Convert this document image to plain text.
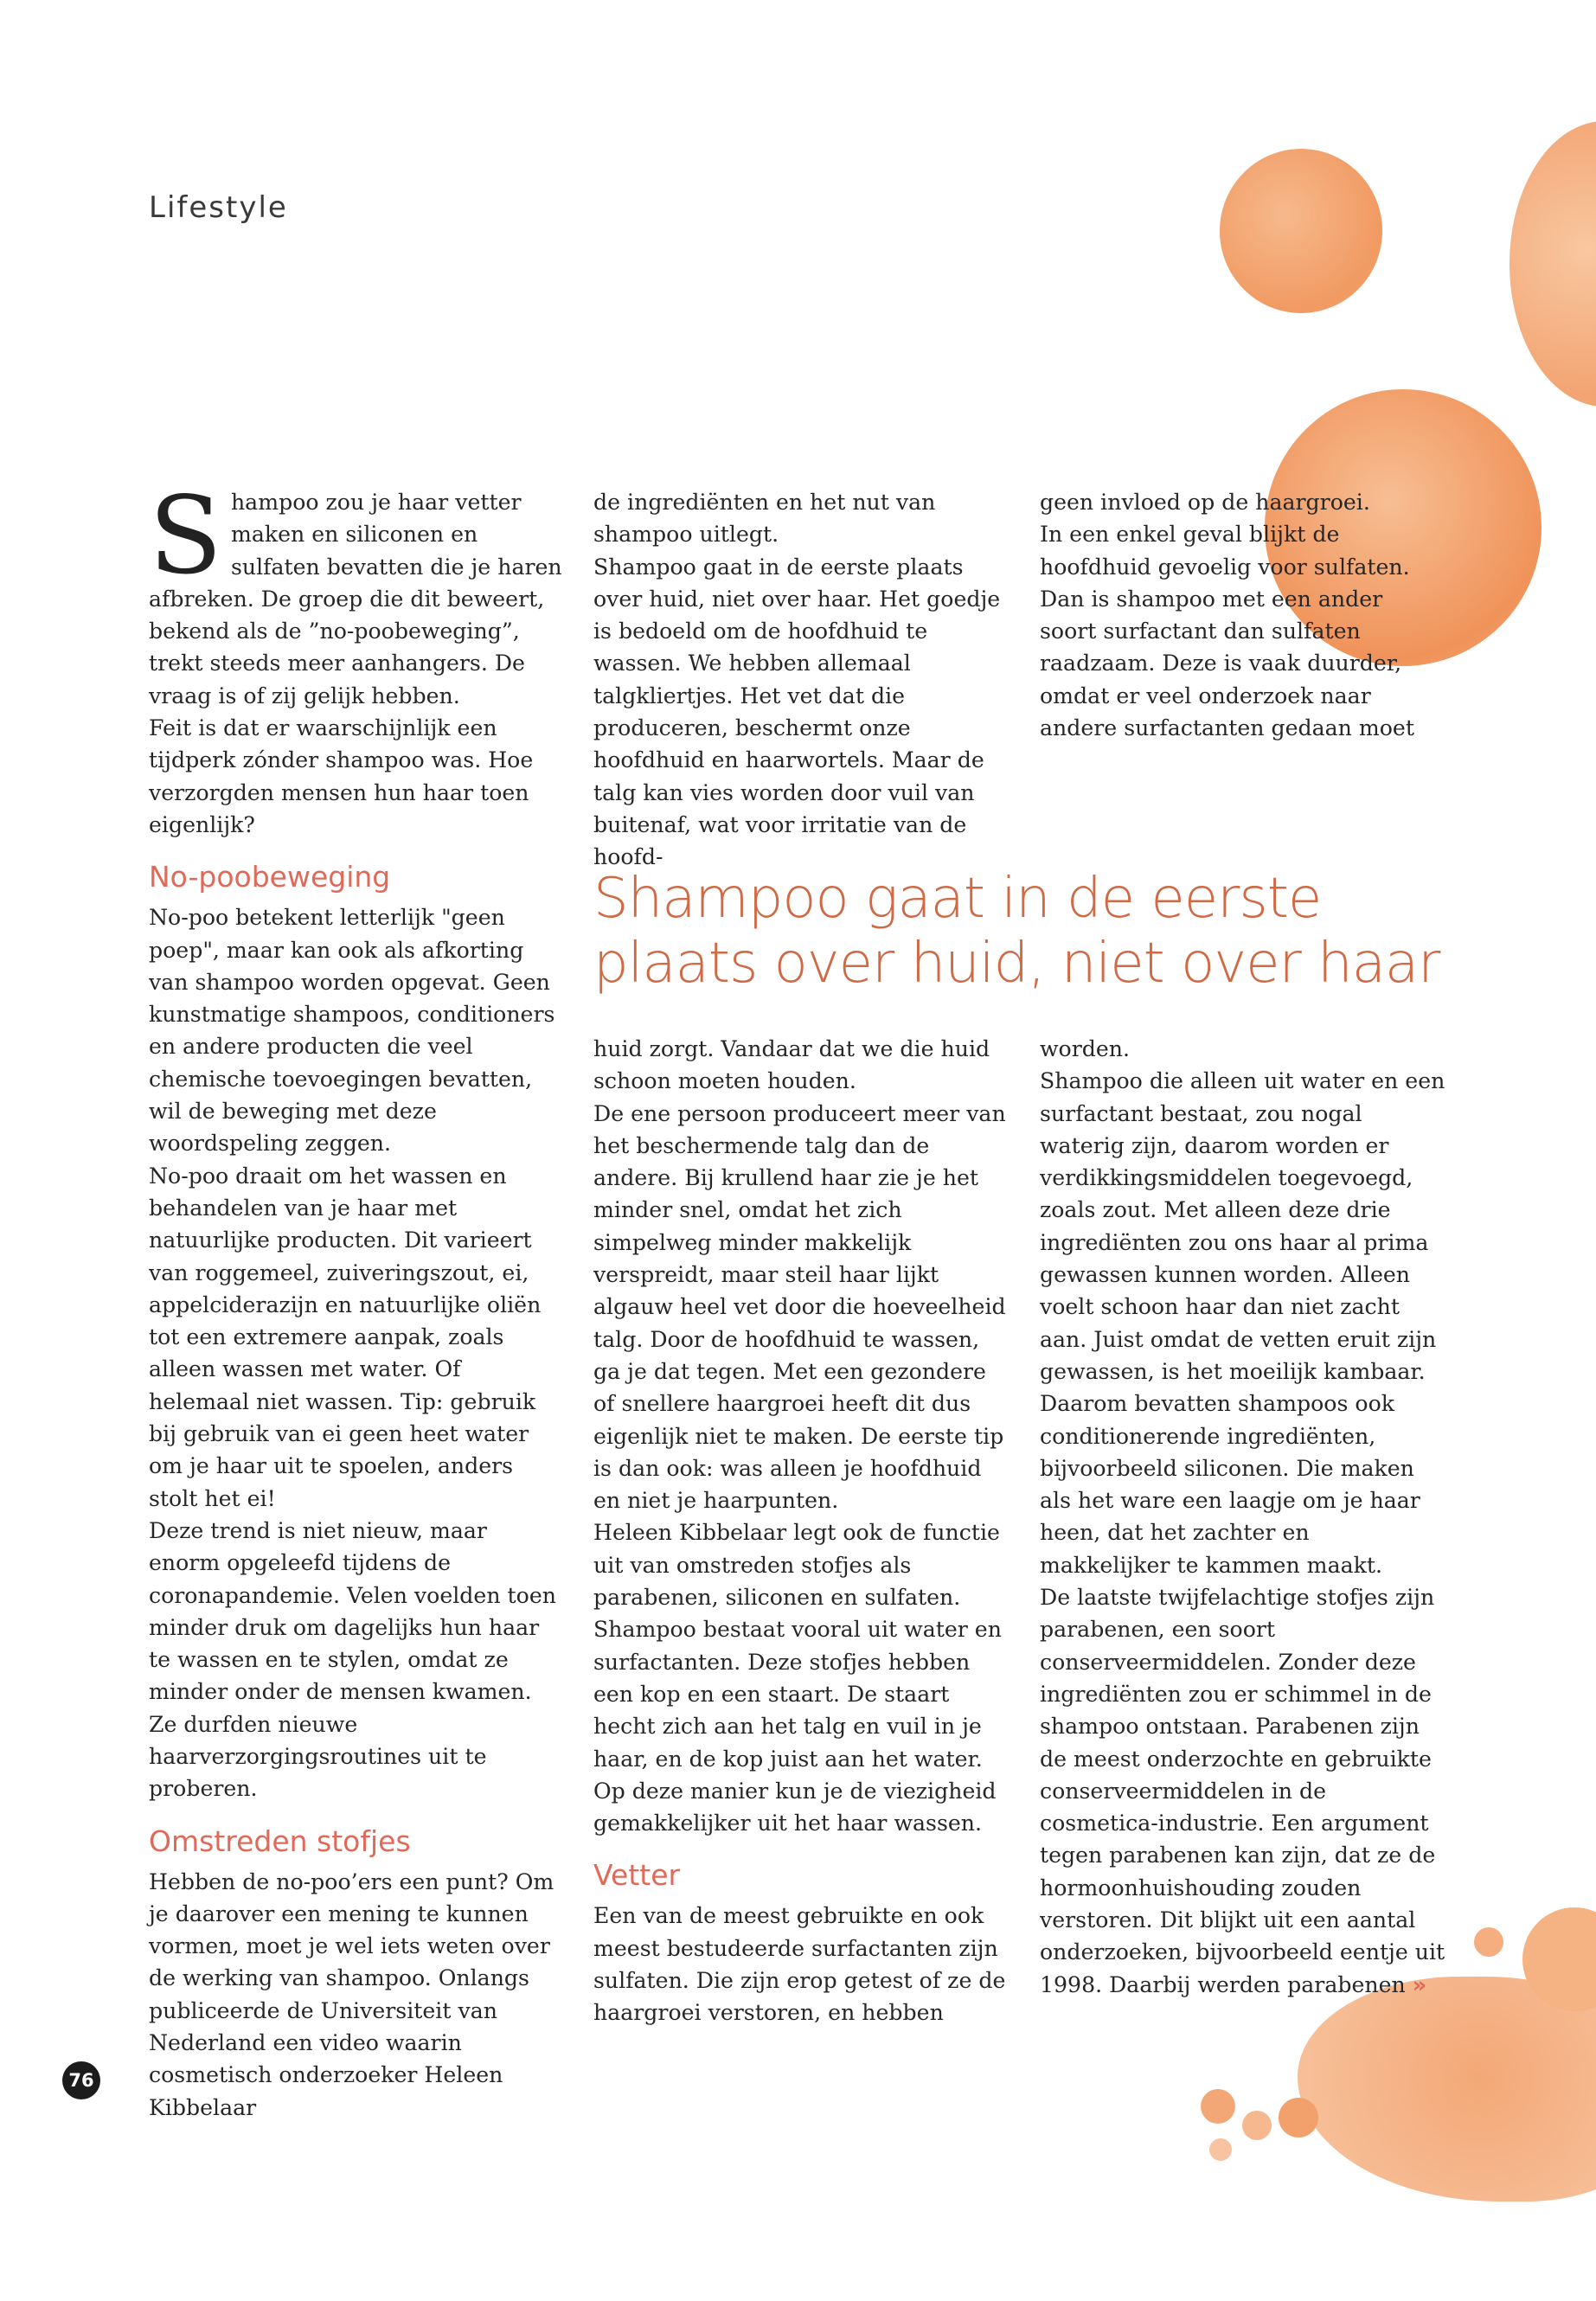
Lifestyle

Shampoo zou je haar vetter maken en siliconen en sulfaten bevatten die je haren afbreken. De groep die dit beweert, bekend als de ”no-poobeweging”, trekt steeds meer aanhangers. De vraag is of zij gelijk hebben.

Feit is dat er waarschijnlijk een tijdperk zónder shampoo was. Hoe verzorgden mensen hun haar toen eigenlijk?

No-poobeweging

No-poo betekent letterlijk "geen poep", maar kan ook als afkorting van shampoo worden opgevat. Geen kunstmatige shampoos, conditioners en andere producten die veel chemische toevoegingen bevatten, wil de beweging met deze woordspeling zeggen.

No-poo draait om het wassen en behandelen van je haar met natuurlijke producten. Dit varieert van roggemeel, zuiveringszout, ei, appelciderazijn en natuurlijke oliën tot een extremere aanpak, zoals alleen wassen met water. Of helemaal niet wassen. Tip: gebruik bij gebruik van ei geen heet water om je haar uit te spoelen, anders stolt het ei!

Deze trend is niet nieuw, maar enorm opgeleefd tijdens de coronapandemie. Velen voelden toen minder druk om dagelijks hun haar te wassen en te stylen, omdat ze minder onder de mensen kwamen. Ze durfden nieuwe haarverzorgingsroutines uit te proberen.

Omstreden stofjes

Hebben de no-poo’ers een punt? Om je daarover een mening te kunnen vormen, moet je wel iets weten over de werking van shampoo. Onlangs publiceerde de Universiteit van Nederland een video waarin cosmetisch onderzoeker Heleen Kibbelaar

de ingrediënten en het nut van shampoo uitlegt.

Shampoo gaat in de eerste plaats over huid, niet over haar. Het goedje is bedoeld om de hoofdhuid te wassen. We hebben allemaal talgkliertjes. Het vet dat die produceren, beschermt onze hoofdhuid en haarwortels. Maar de talg kan vies worden door vuil van buitenaf, wat voor irritatie van de hoofd-

geen invloed op de haargroei.

In een enkel geval blijkt de hoofdhuid gevoelig voor sulfaten. Dan is shampoo met een ander soort surfactant dan sulfaten raadzaam. Deze is vaak duurder, omdat er veel onderzoek naar andere surfactanten gedaan moet

Shampoo gaat in de eerste plaats over huid, niet over haar

huid zorgt. Vandaar dat we die huid schoon moeten houden.

De ene persoon produceert meer van het beschermende talg dan de andere. Bij krullend haar zie je het minder snel, omdat het zich simpelweg minder makkelijk verspreidt, maar steil haar lijkt algauw heel vet door die hoeveelheid talg. Door de hoofdhuid te wassen, ga je dat tegen. Met een gezondere of snellere haargroei heeft dit dus eigenlijk niet te maken. De eerste tip is dan ook: was alleen je hoofdhuid en niet je haarpunten.

Heleen Kibbelaar legt ook de functie uit van omstreden stofjes als parabenen, siliconen en sulfaten. Shampoo bestaat vooral uit water en surfactanten. Deze stofjes hebben een kop en een staart. De staart hecht zich aan het talg en vuil in je haar, en de kop juist aan het water. Op deze manier kun je de viezigheid gemakkelijker uit het haar wassen.

Vetter

Een van de meest gebruikte en ook meest bestudeerde surfactanten zijn sulfaten. Die zijn erop getest of ze de haargroei verstoren, en hebben

worden.

Shampoo die alleen uit water en een surfactant bestaat, zou nogal waterig zijn, daarom worden er verdikkingsmiddelen toegevoegd, zoals zout. Met alleen deze drie ingrediënten zou ons haar al prima gewassen kunnen worden. Alleen voelt schoon haar dan niet zacht aan. Juist omdat de vetten eruit zijn gewassen, is het moeilijk kambaar. Daarom bevatten shampoos ook conditionerende ingrediënten, bijvoorbeeld siliconen. Die maken als het ware een laagje om je haar heen, dat het zachter en makkelijker te kammen maakt.

De laatste twijfelachtige stofjes zijn parabenen, een soort conserveermiddelen. Zonder deze ingrediënten zou er schimmel in de shampoo ontstaan. Parabenen zijn de meest onderzochte en gebruikte conserveermiddelen in de cosmetica-industrie. Een argument tegen parabenen kan zijn, dat ze de hormoonhuishouding zouden verstoren. Dit blijkt uit een aantal onderzoeken, bijvoorbeeld eentje uit 1998. Daarbij werden parabenen »

76
